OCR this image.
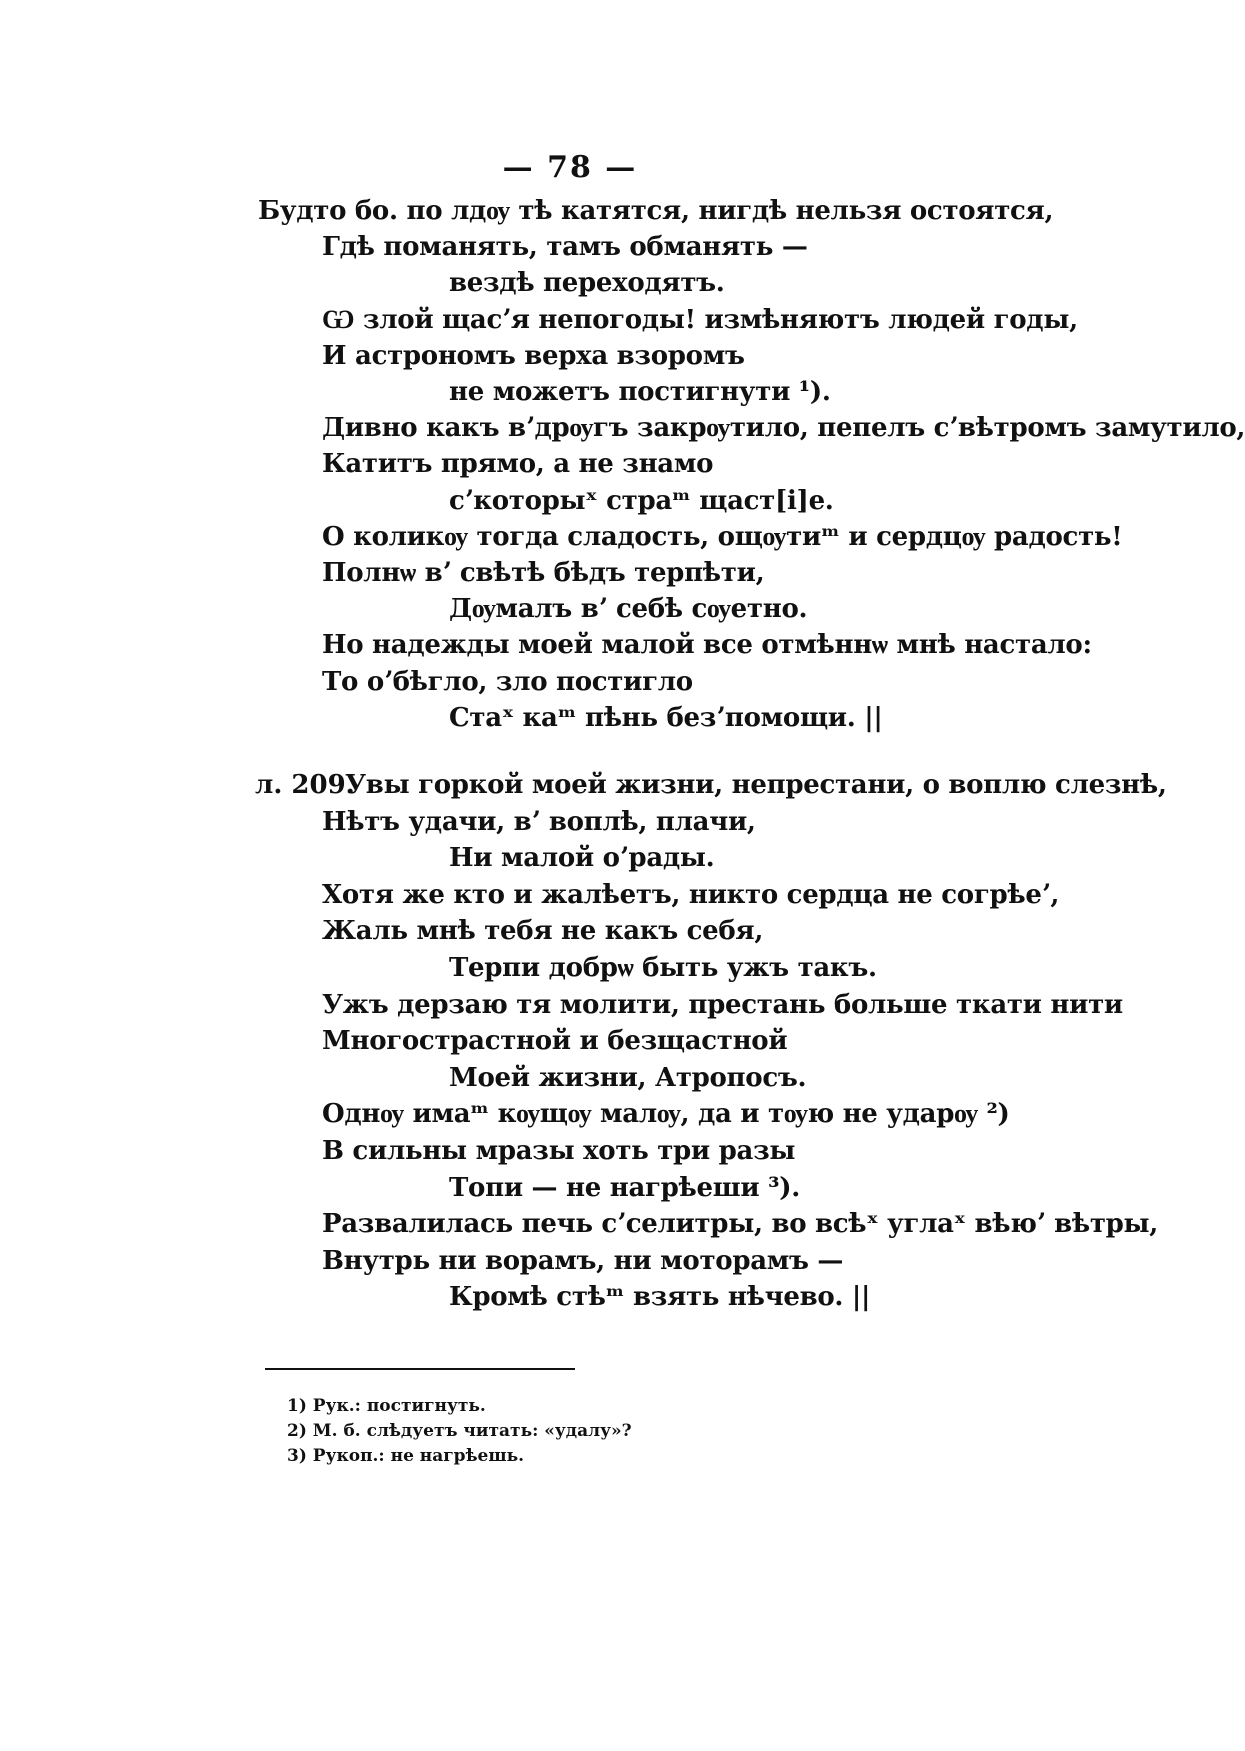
— 78 —
Будто бо. по лдѹ тѣ катятся, нигдѣ нельзя остоятся,
Гдѣ поманять, тамъ обманять —
вездѣ переходятъ.
Ѡ злой щасʼя непогоды! измѣняютъ людей годы,
И астрономъ верха взоромъ
не можетъ постигнути ¹).
Дивно какъ вʼдрѹгъ закрѹтило, пепелъ сʼвѣтромъ замутило,
Катитъ прямо, а не знамо
сʼкоторыˣ страᵐ щаст[і]е.
О коликѹ тогда сладость, ощѹтиᵐ и сердцѹ радость!
Полнѡ вʼ свѣтѣ бѣдъ терпѣти,
Дѹмалъ вʼ себѣ сѹетно.
Но надежды моей малой все отмѣннѡ мнѣ настало:
То оʼбѣгло, зло постигло
Стаˣ каᵐ пѣнь безʼпомощи. ||
л. 209.
Увы горкой моей жизни, непрестани, о воплю слезнѣ,
Нѣтъ удачи, вʼ воплѣ, плачи,
Ни малой оʼрады.
Хотя же кто и жалѣетъ, никто сердца не согрѣеʼ,
Жаль мнѣ тебя не какъ себя,
Терпи добрѡ быть ужъ такъ.
Ужъ дерзаю тя молити, престань больше ткати нити
Многострастной и безщастной
Моей жизни, Атропосъ.
Однѹ имаᵐ кѹщѹ малѹ, да и тѹю не ударѹ ²)
В сильны мразы хоть три разы
Топи — не нагрѣеши ³).
Развалилась печь сʼселитры, во всѣˣ углаˣ вѣюʼ вѣтры,
Внутрь ни ворамъ, ни моторамъ —
Кромѣ стѣᵐ взять нѣчево. ||
1) Рук.: постигнуть.
2) М. б. слѣдуетъ читать: «удалу»?
3) Рукоп.: не нагрѣешь.
